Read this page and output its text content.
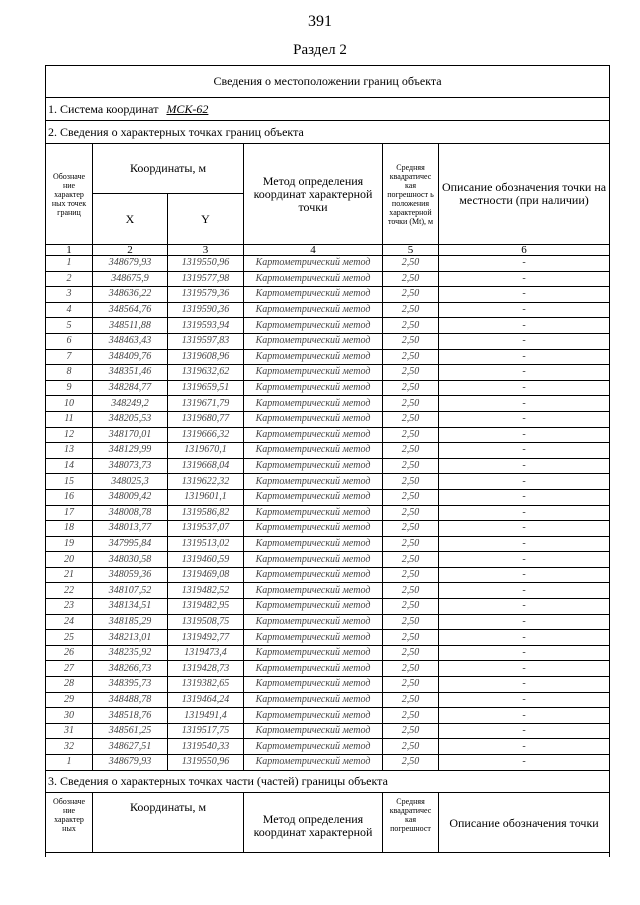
391
Раздел 2
Сведения о местоположении границ объекта					
1. Система координат МСК-62					
2. Сведения о характерных точках границ объекта					
Обозначе ние характер ных точек границ	Координаты, м		Метод определения координат характерной точки	Средняя квадратичес кая погрешност ь положения характерной точки (Mt), м	Описание обозначения точки на местности (при наличии)
	X	Y			
1	2	3	4	5	6
1	348679,93	1319550,96	Картометрический метод	2,50	-
2	348675,9	1319577,98	Картометрический метод	2,50	-
3	348636,22	1319579,36	Картометрический метод	2,50	-
4	348564,76	1319590,36	Картометрический метод	2,50	-
5	348511,88	1319593,94	Картометрический метод	2,50	-
6	348463,43	1319597,83	Картометрический метод	2,50	-
7	348409,76	1319608,96	Картометрический метод	2,50	-
8	348351,46	1319632,62	Картометрический метод	2,50	-
9	348284,77	1319659,51	Картометрический метод	2,50	-
10	348249,2	1319671,79	Картометрический метод	2,50	-
11	348205,53	1319680,77	Картометрический метод	2,50	-
12	348170,01	1319666,32	Картометрический метод	2,50	-
13	348129,99	1319670,1	Картометрический метод	2,50	-
14	348073,73	1319668,04	Картометрический метод	2,50	-
15	348025,3	1319622,32	Картометрический метод	2,50	-
16	348009,42	1319601,1	Картометрический метод	2,50	-
17	348008,78	1319586,82	Картометрический метод	2,50	-
18	348013,77	1319537,07	Картометрический метод	2,50	-
19	347995,84	1319513,02	Картометрический метод	2,50	-
20	348030,58	1319460,59	Картометрический метод	2,50	-
21	348059,36	1319469,08	Картометрический метод	2,50	-
22	348107,52	1319482,52	Картометрический метод	2,50	-
23	348134,51	1319482,95	Картометрический метод	2,50	-
24	348185,29	1319508,75	Картометрический метод	2,50	-
25	348213,01	1319492,77	Картометрический метод	2,50	-
26	348235,92	1319473,4	Картометрический метод	2,50	-
27	348266,73	1319428,73	Картометрический метод	2,50	-
28	348395,73	1319382,65	Картометрический метод	2,50	-
29	348488,78	1319464,24	Картометрический метод	2,50	-
30	348518,76	1319491,4	Картометрический метод	2,50	-
31	348561,25	1319517,75	Картометрический метод	2,50	-
32	348627,51	1319540,33	Картометрический метод	2,50	-
1	348679,93	1319550,96	Картометрический метод	2,50	-
3. Сведения о характерных точках части (частей) границы объекта					
Обозначе ние характер ных	Координаты, м		Метод определения координат характерной	Средняя квадратичес кая погрешност	Описание обозначения точки
